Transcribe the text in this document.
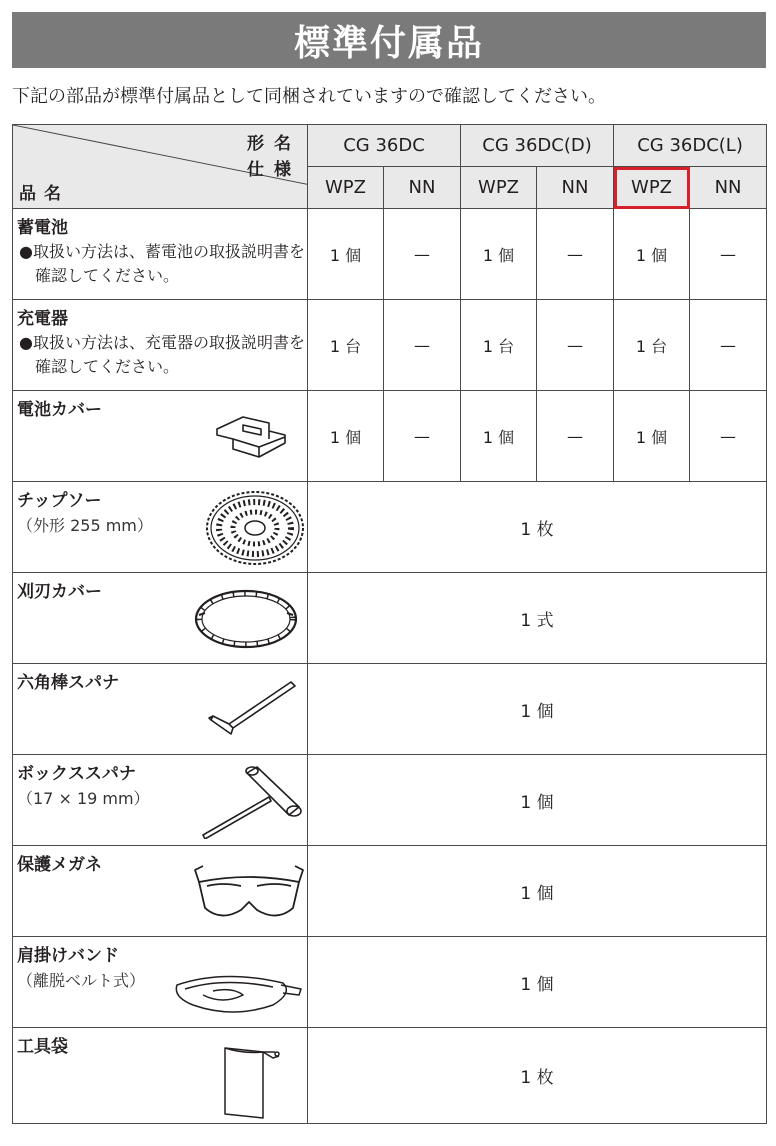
標準付属品
下記の部品が標準付属品として同梱されていますので確認してください。
形名
仕様
品名	CG 36DC		CG 36DC(D)		CG 36DC(L)	
	WPZ	NN	WPZ	NN	WPZ	NN

蓄電池
●取扱い方法は、蓄電池の取扱説明書を確認してください。	1 個	—	1 個	—	1 個	—

充電器
●取扱い方法は、充電器の取扱説明書を確認してください。	1 台	—	1 台	—	1 台	—

電池カバー	1 個	—	1 個	—	1 個	—

チップソー
（外形 255 mm）	1 枚					

刈刃カバー	1 式					

六角棒スパナ	1 個					

ボックススパナ
（17 × 19 mm）	1 個					

保護メガネ	1 個					

肩掛けバンド
（離脱ベルト式）	1 個					

工具袋	1 枚					
